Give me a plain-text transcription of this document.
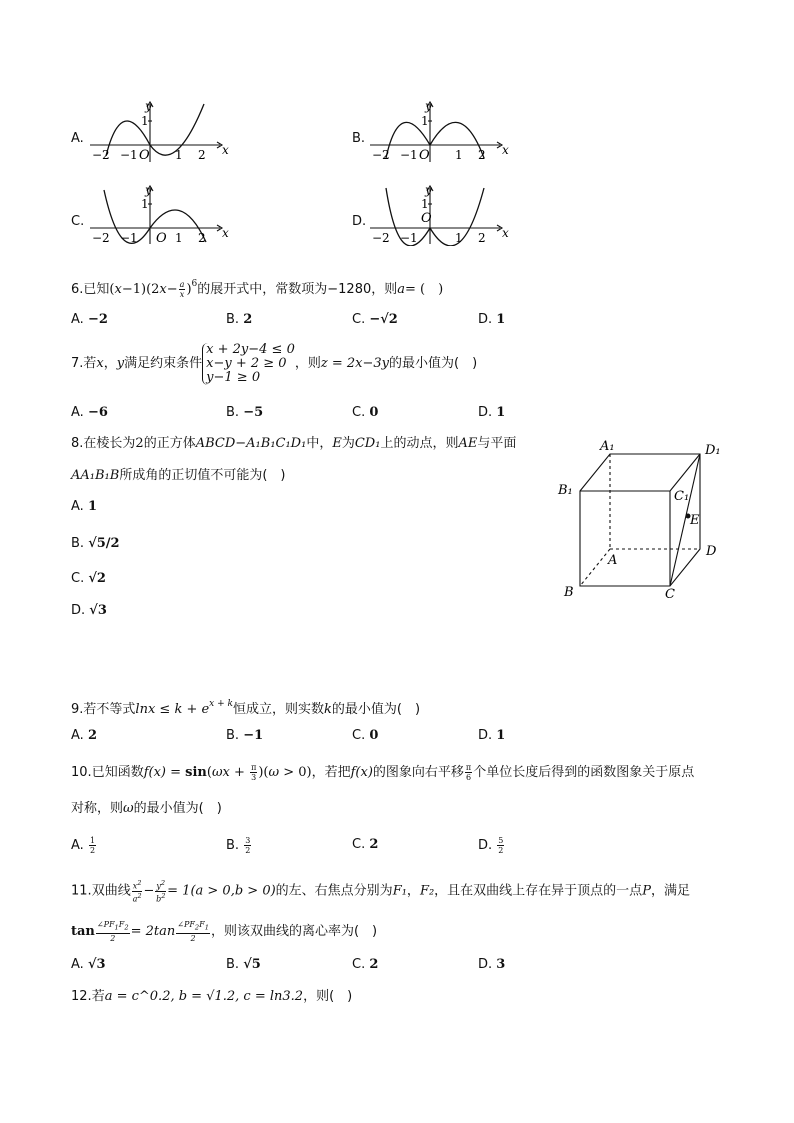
A.	B.
C.	D.
y
x
1
O
−2 −1	1 2
y
x
1
O
−2 −1	1 2
y
x
1
O
−2 −1	1 2
y
x
1
O
−2 −1	1 2
6.已知$(x-1)(2x- \frac{a}{x} )^6$的展开式中，常数项为−1280，则a= (　)
A. −2	B. 2	C. −√2	D. 1
7. 若 x ， y 满足约束条件
x + 2y−4 ≤ 0
x−y + 2 ≥ 0
y−1 ≥ 0
，则 z = 2x−3y 的最小值为(　)
A. −6	B. −5	C. 0	D. 1
8.在棱长为2的正方体ABCD−A₁B₁C₁D₁中，E为CD₁上的动点，则AE与平面
AA₁B₁B所成角的正切值不可能为(　)
A. 1
B. √5/2
C. √2
D. √3
A₁	D₁
B₁	C₁
E
D
A
B	C
9.若不等式$\ln x \le k + e^{x + k}$恒成立，则实数k的最小值为(　)
A. 2	B. −1	C. 0	D. 1
10.已知函数$f(x) = \sin(\omega x + \frac{\pi}{3} )(\omega > 0)$，若把f(x)的图象向右平移 $\frac{\pi}{6}$ 个单位长度后得到的函数图象关于原点
对称，则ω的最小值为(　)
A. $\frac{1}{2}$	B. $\frac{3}{2}$	C. 2	D. $\frac{5}{2}$
11.双曲线 $\frac{x^2}{a^2} - \frac{y^2}{b^2} = 1(a > 0,b > 0)$的左、右焦点分别为F₁，F₂，且在双曲线上存在异于顶点的一点P，满足
$\tan \frac{\angle PF_1F_2}{2} = 2\tan \frac{\angle PF_2F_1}{2}$ ，则该双曲线的离心率为(　)
A. √3	B. √5	C. 2	D. 3
12.若a = c^0.2, b = √1.2, c = ln3.2，则(　)
